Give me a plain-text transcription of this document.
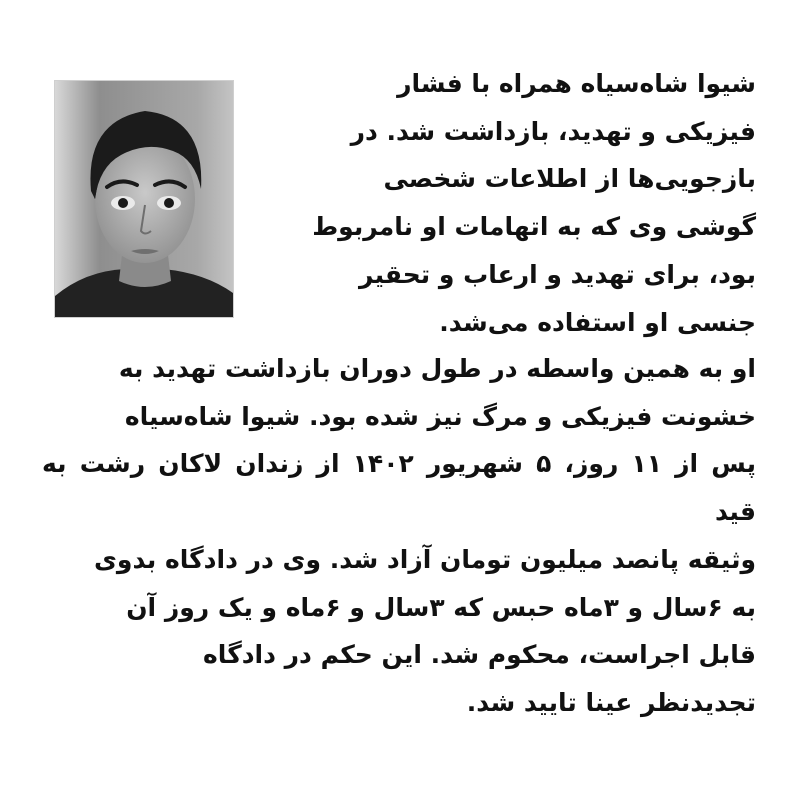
شیوا شاه‌سیاه همراه با فشار
فیزیکی و تهدید، بازداشت شد. در
بازجویی‌ها از اطلاعات شخصی
گوشی وی که به اتهامات او نامربوط
بود، برای تهدید و ارعاب و تحقیر
جنسی او استفاده می‌شد.
او به همین واسطه در طول دوران بازداشت تهدید به
خشونت فیزیکی و مرگ نیز شده بود. شیوا شاه‌سیاه
پس از ۱۱ روز، ۵ شهریور ۱۴۰۲ از زندان لاکان رشت به قید
وثیقه پانصد میلیون تومان آزاد شد. وی در دادگاه بدوی
به ۶سال و ۳ماه حبس که ۳سال و ۶ماه و یک روز آن
قابل اجراست، محکوم شد. این حکم در دادگاه
تجدیدنظر عینا تایید شد.
